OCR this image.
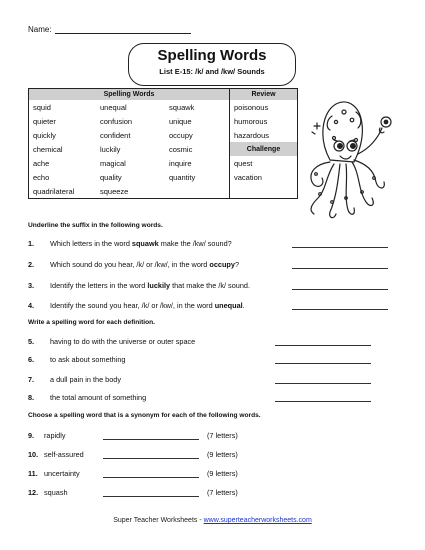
Name:
Spelling Words
List E-15: /k/ and /kw/ Sounds
Spelling Words			Review
squid	unequal	squawk	poisonous
quieter	confusion	unique	humorous
quickly	confident	occupy	hazardous
chemical	luckily	cosmic	Challenge
ache	magical	inquire	quest
echo	quality	quantity	vacation
quadrilateral	squeeze		
Underline the suffix in the following words.
1.	Which letters in the word squawk make the /kw/ sound?
2.	Which sound do you hear, /k/ or /kw/, in the word occupy?
3.	Identify the letters in the word luckily that make the /k/ sound.
4.	Identify the sound you hear, /k/ or /kw/, in the word unequal.
Write a spelling word for each definition.
5.	having to do with the universe or outer space
6.	to ask about something
7.	a dull pain in the body
8.	the total amount of something
Choose a spelling word that is a synonym for each of the following words.
9. rapidly	(7 letters)
10. self-assured	(9 letters)
11. uncertainty	(9 letters)
12. squash	(7 letters)
Super Teacher Worksheets - www.superteacherworksheets.com
